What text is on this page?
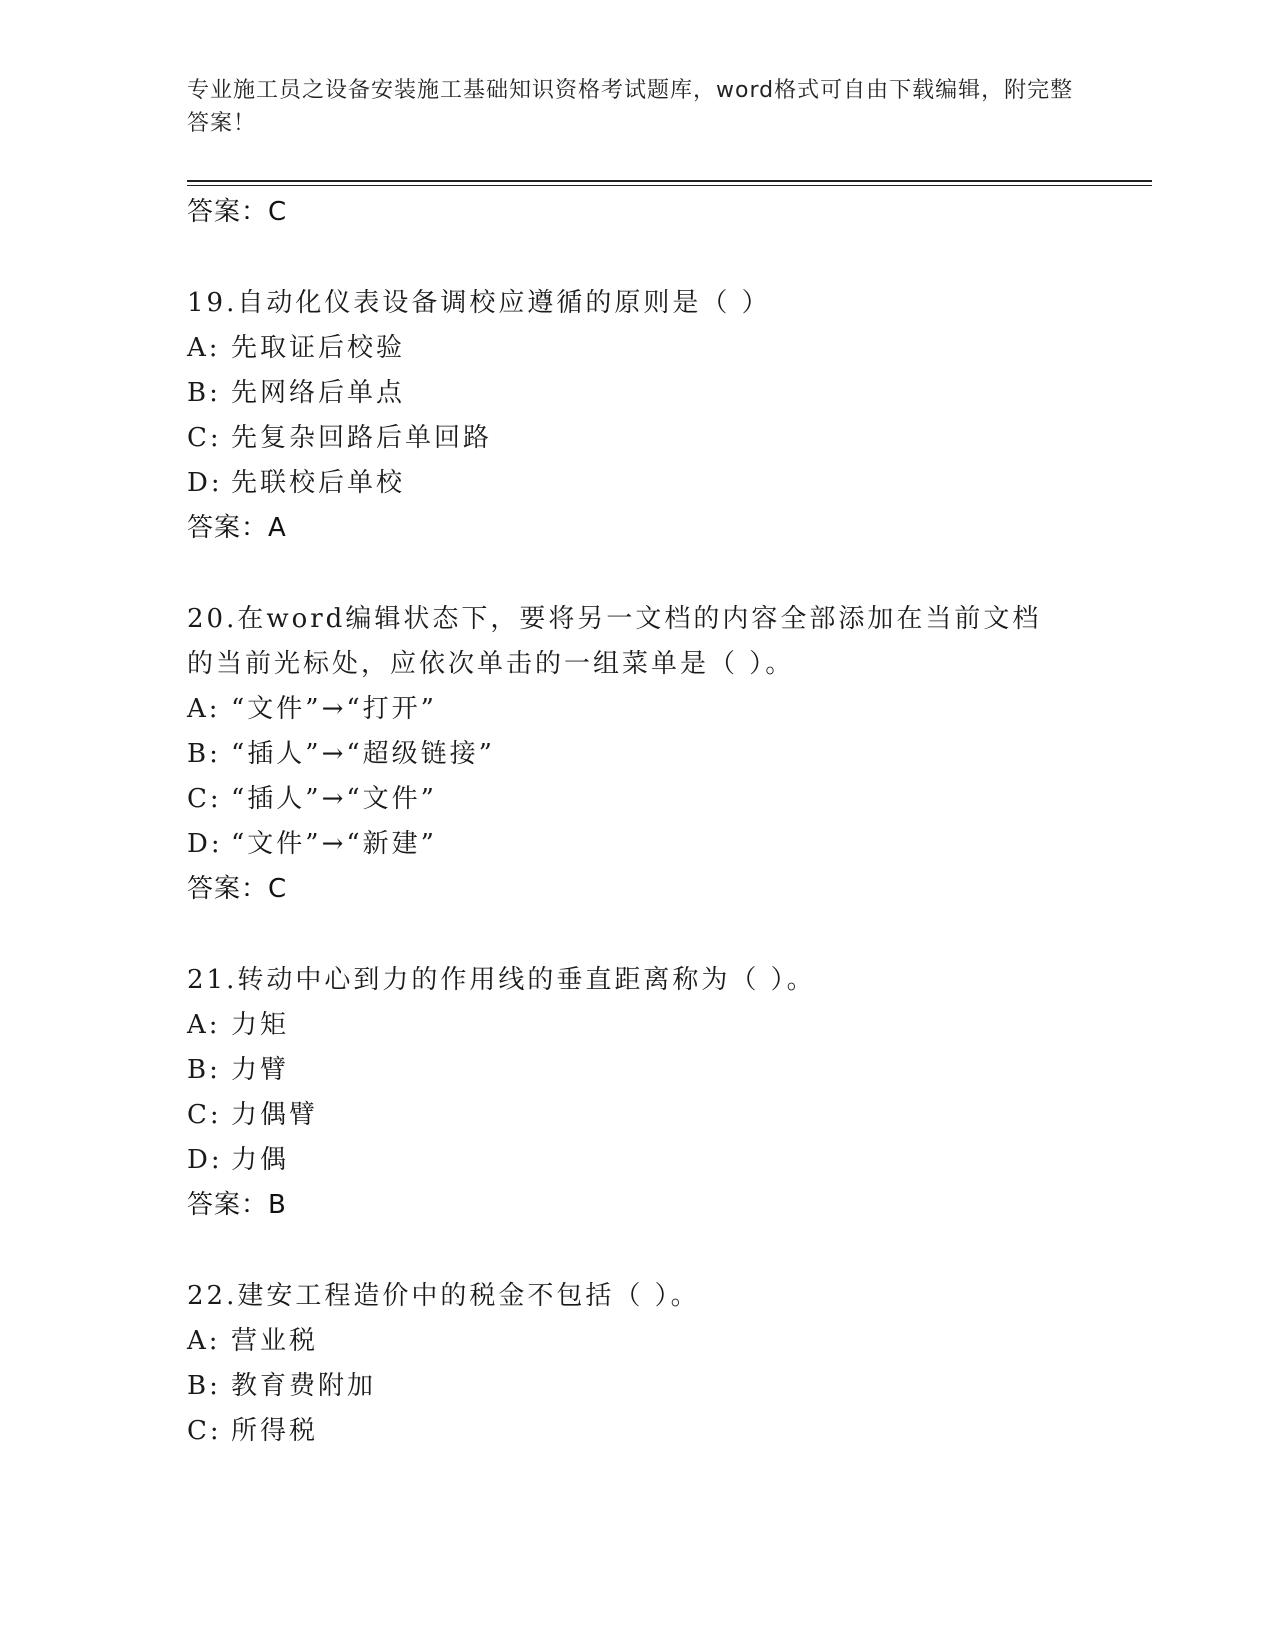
专业施工员之设备安装施工基础知识资格考试题库，word格式可自由下载编辑，附完整答案！
答案：C
19.自动化仪表设备调校应遵循的原则是（ ）
A: 先取证后校验
B: 先网络后单点
C: 先复杂回路后单回路
D: 先联校后单校
答案：A
20.在word编辑状态下，要将另一文档的内容全部添加在当前文档的当前光标处，应依次单击的一组菜单是（ ）。
A: “文件”→“打开”
B: “插人”→“超级链接”
C: “插人”→“文件”
D: “文件”→“新建”
答案：C
21.转动中心到力的作用线的垂直距离称为（ ）。
A: 力矩
B: 力臂
C: 力偶臂
D: 力偶
答案：B
22.建安工程造价中的税金不包括（ ）。
A: 营业税
B: 教育费附加
C: 所得税
